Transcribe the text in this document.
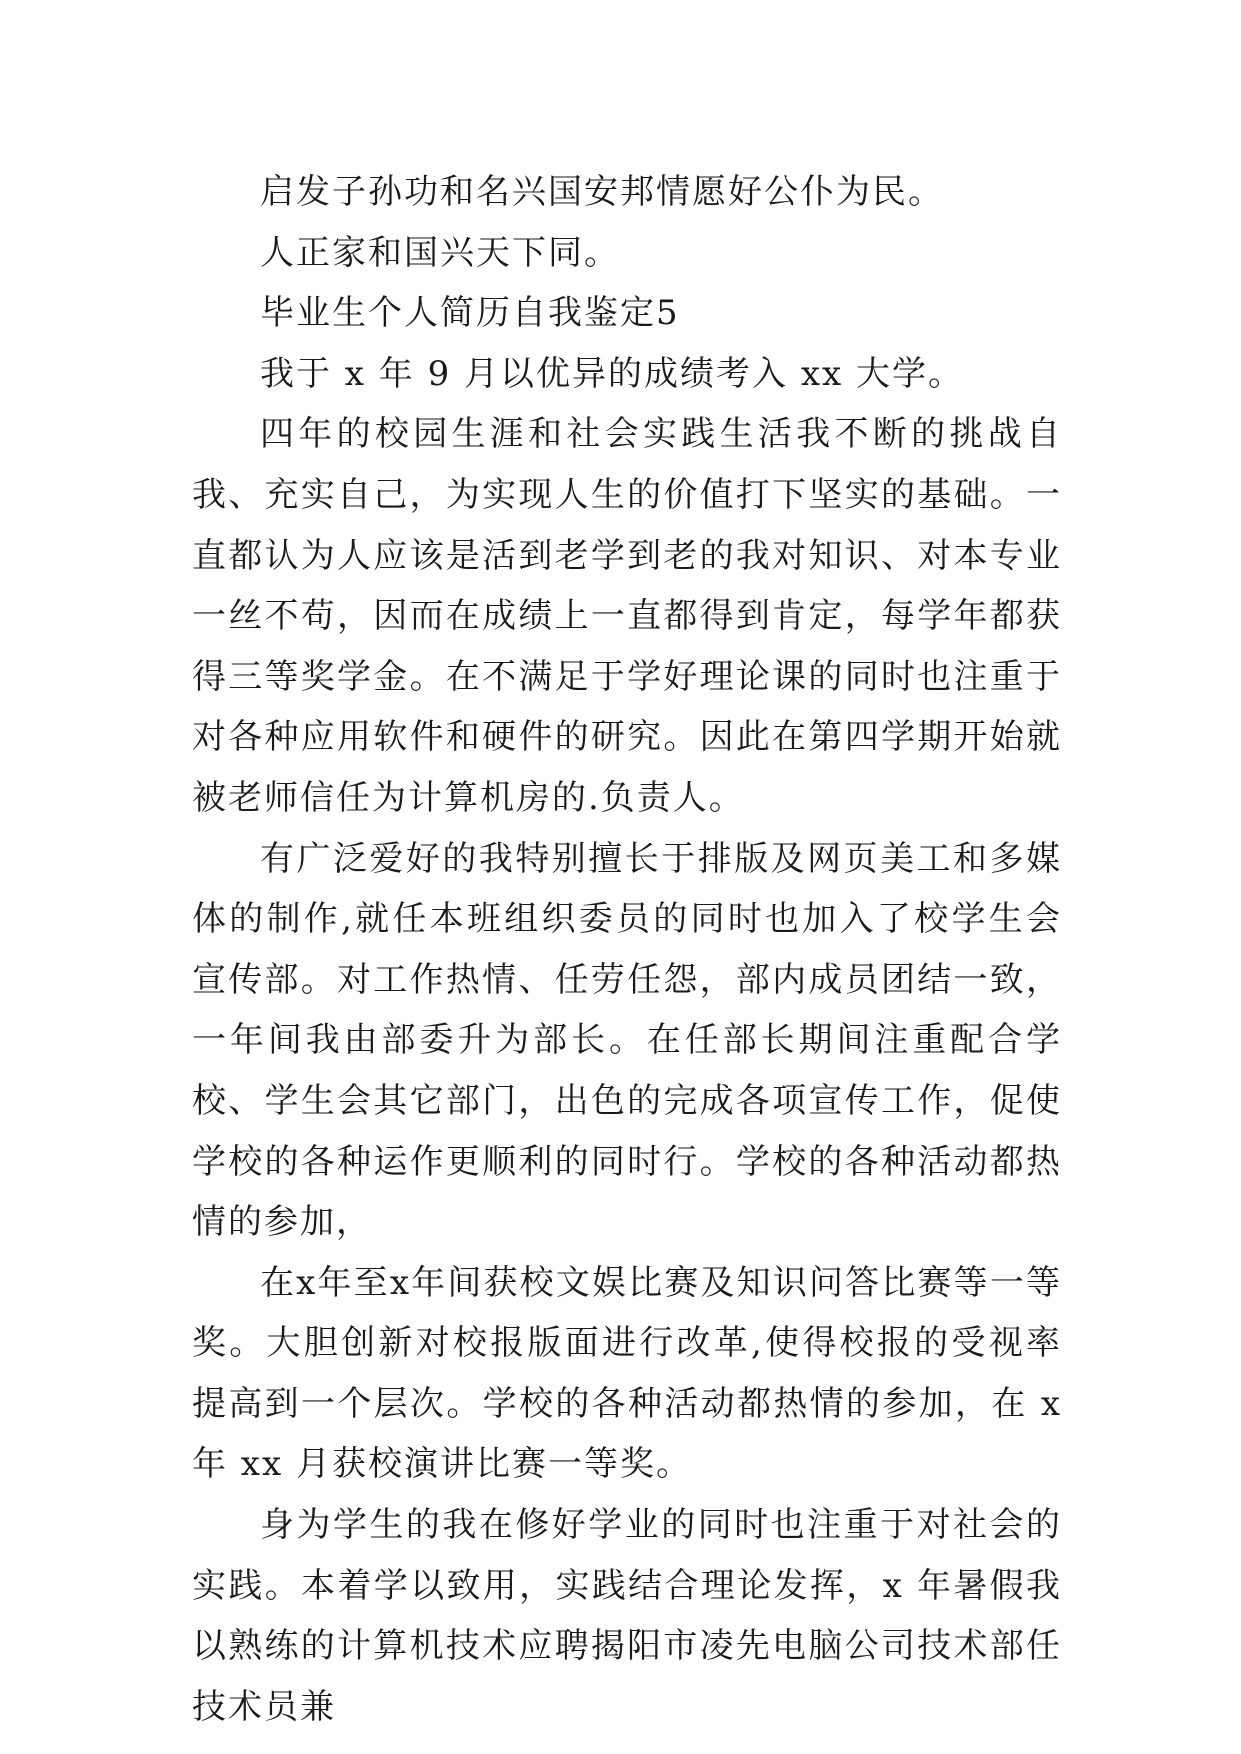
启发子孙功和名兴国安邦情愿好公仆为民。

人正家和国兴天下同。

毕业生个人简历自我鉴定5

我于 x 年 9 月以优异的成绩考入 xx 大学。

四年的校园生涯和社会实践生活我不断的挑战自我、充实自己，为实现人生的价值打下坚实的基础。一直都认为人应该是活到老学到老的我对知识、对本专业一丝不苟，因而在成绩上一直都得到肯定，每学年都获得三等奖学金。在不满足于学好理论课的同时也注重于对各种应用软件和硬件的研究。因此在第四学期开始就被老师信任为计算机房的.负责人。

有广泛爱好的我特别擅长于排版及网页美工和多媒体的制作,就任本班组织委员的同时也加入了校学生会宣传部。对工作热情、任劳任怨，部内成员团结一致，一年间我由部委升为部长。在任部长期间注重配合学校、学生会其它部门，出色的完成各项宣传工作，促使学校的各种运作更顺利的同时行。学校的各种活动都热情的参加，

在x年至x年间获校文娱比赛及知识问答比赛等一等奖。大胆创新对校报版面进行改革,使得校报的受视率提高到一个层次。学校的各种活动都热情的参加，在 x 年 xx 月获校演讲比赛一等奖。

身为学生的我在修好学业的同时也注重于对社会的实践。本着学以致用，实践结合理论发挥，x 年暑假我以熟练的计算机技术应聘揭阳市凌先电脑公司技术部任技术员兼
